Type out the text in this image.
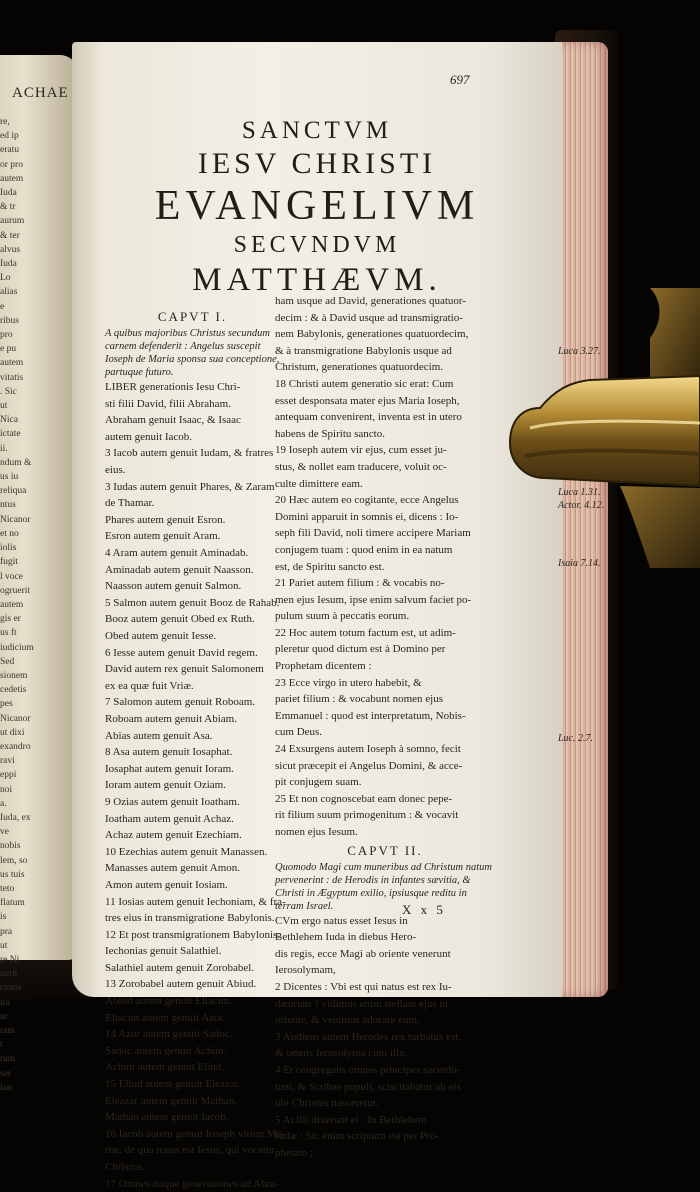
ACHAE
re,
ed ip
eratu
or pro
autem
Iuda
& tr
aurum
& ter
alvus
Iuda
Lo
alias
e
ribus
pro
e pu
autem
vitatis
. Sic
ut
Nica
ictate
ii.
ndum &
us iu
reliqua
ntus
Nicanor
et no
iolis
fugit
l voce
ogruerit
autem
gis er
us ft
iudicium
Sed
sionem
cedetis
pes
Nicanor
ut dixi
exandro
ravi
eppi
noi
a.
Iuda, ex
ve
nobis
lem, so
us tuis
teto
flatum
is
pra
ut
re Ni
uerit
ctoris
ira
ur
ram
t
rum
ser
lan
697
SANCTVM
IESV CHRISTI
EVANGELIVM
SECVNDVM
MATTHÆVM.
CAPVT I.
A quibus majoribus Christus secundum carnem defenderit : Angelus suscepit Ioseph de Maria sponsa sua conceptione, partuque futuro.
LIBER generationis Iesu Chri-
sti filii David, filii Abraham.
Abraham genuit Isaac, & Isaac
autem genuit Iacob.
3 Iacob autem genuit Iudam, & fratres
eius.
3 Iudas autem genuit Phares, & Zaram
de Thamar.
Phares autem genuit Esron.
Esron autem genuit Aram.
4 Aram autem genuit Aminadab.
Aminadab autem genuit Naasson.
Naasson autem genuit Salmon.
5 Salmon autem genuit Booz de Rahab.
Booz autem genuit Obed ex Ruth.
Obed autem genuit Iesse.
6 Iesse autem genuit David regem.
David autem rex genuit Salomonem
ex ea quæ fuit Vriæ.
7 Salomon autem genuit Roboam.
Roboam autem genuit Abiam.
Abias autem genuit Asa.
8 Asa autem genuit Iosaphat.
Iosaphat autem genuit Ioram.
Ioram autem genuit Oziam.
9 Ozias autem genuit Ioatham.
Ioatham autem genuit Achaz.
Achaz autem genuit Ezechiam.
10 Ezechias autem genuit Manassen.
Manasses autem genuit Amon.
Amon autem genuit Iosiam.
11 Iosias autem genuit Iechoniam, & fra-
tres eius in transmigratione Babylonis.
12 Et post transmigrationem Babylonis:
Iechonias genuit Salathiel.
Salathiel autem genuit Zorobabel.
13 Zorobabel autem genuit Abiud.
Abiud autem genuit Eliacim.
Eliacim autem genuit Azor.
14 Azor autem genuit Sadoc.
Sadoc autem genuit Achim.
Achim autem genuit Eliud.
15 Eliud autem genuit Eleazar.
Eleazar autem genuit Mathan.
Mathan autem genuit Iacob.
16 Iacob autem genuit Ioseph virum Ma-
riæ, de qua natus est Iesus, qui vocatur
Christus.
17 Omnes itaque generationes ad Abra-
ham usque ad David, generationes quatuor-
decim : & à David usque ad transmigratio-
nem Babylonis, generationes quatuordecim,
& à transmigratione Babylonis usque ad
Christum, generationes quatuordecim.
18 Christi autem generatio sic erat: Cum
esset desponsata mater ejus Maria Ioseph,
antequam convenirent, inventa est in utero
habens de Spiritu sancto.
19 Ioseph autem vir ejus, cum esset ju-
stus, & nollet eam traducere, voluit oc-
culte dimittere eam.
20 Hæc autem eo cogitante, ecce Angelus
Domini apparuit in somnis ei, dicens : Io-
seph fili David, noli timere accipere Mariam
conjugem tuam : quod enim in ea natum
est, de Spiritu sancto est.
21 Pariet autem filium : & vocabis no-
men ejus Iesum, ipse enim salvum faciet po-
pulum suum à peccatis eorum.
22 Hoc autem totum factum est, ut adim-
pleretur quod dictum est à Domino per
Prophetam dicentem :
23 Ecce virgo in utero habebit, &
pariet filium : & vocabunt nomen ejus
Emmanuel : quod est interpretatum, Nobis-
cum Deus.
24 Exsurgens autem Ioseph à somno, fecit
sicut præcepit ei Angelus Domini, & acce-
pit conjugem suam.
25 Et non cognoscebat eam donec pepe-
rit filium suum primogenitum : & vocavit
nomen ejus Iesum.
CAPVT II.
Quomodo Magi cum muneribus ad Christum natum pervenerint : de Herodis in infantes sævitia, & Christi in Ægyptum exilio, ipsiusque reditu in terram Israel.
CVm ergo natus esset Iesus in
Bethlehem Iuda in diebus Hero-
dis regis, ecce Magi ab oriente venerunt
Ierosolymam,
2 Dicentes : Vbi est qui natus est rex Iu-
dæorum ? vidimus enim stellam ejus in
oriente, & venimus adorare eum.
3 Audiens autem Herodes rex turbatus est,
& omnis Ierosolyma cum illo.
4 Et congregans omnes principes sacerdo-
tum, & Scribas populi, sciscitabatur ab eis
ubi Christus nasceretur.
5 At illi dixerunt ei : In Bethlehem
Iudæ : Sic enim scriptum est per Pro-
phetam ;
Luca 3.27.
Luca 1.31. Actor. 4.12.
Isaia 7.14.
Luc. 2.7.
X x 5
